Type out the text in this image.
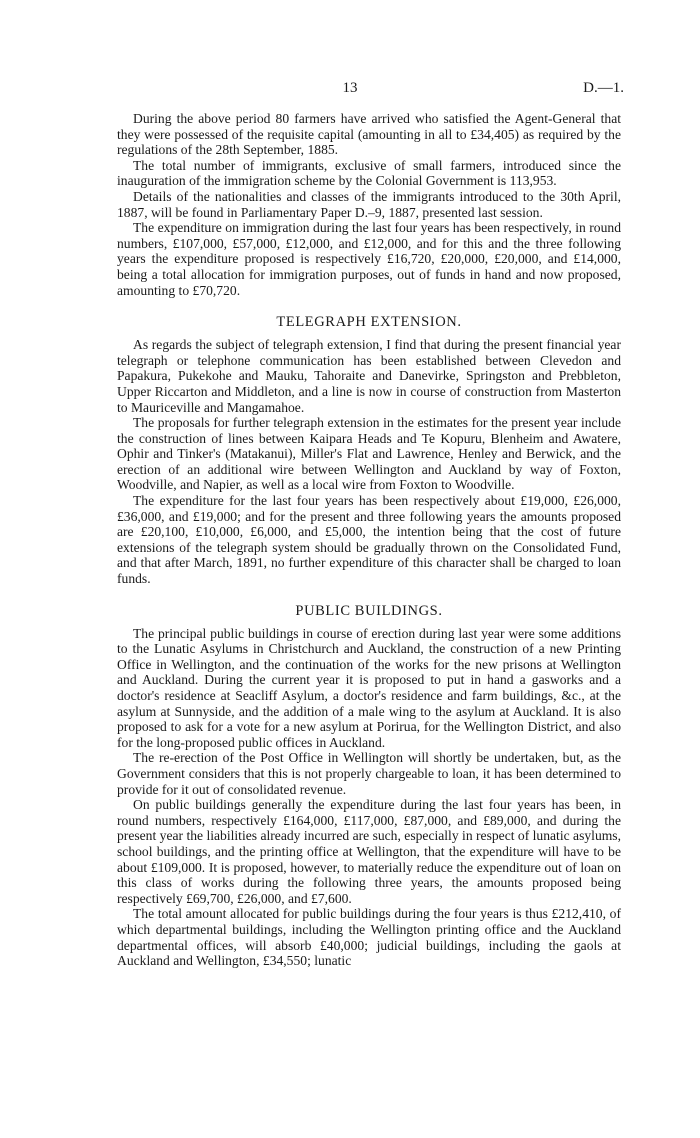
13	D.—1.

During the above period 80 farmers have arrived who satisfied the Agent-General that they were possessed of the requisite capital (amounting in all to £34,405) as required by the regulations of the 28th September, 1885.

The total number of immigrants, exclusive of small farmers, introduced since the inauguration of the immigration scheme by the Colonial Government is 113,953.

Details of the nationalities and classes of the immigrants introduced to the 30th April, 1887, will be found in Parliamentary Paper D.–9, 1887, presented last session.

The expenditure on immigration during the last four years has been respectively, in round numbers, £107,000, £57,000, £12,000, and £12,000, and for this and the three following years the expenditure proposed is respectively £16,720, £20,000, £20,000, and £14,000, being a total allocation for immigration purposes, out of funds in hand and now proposed, amounting to £70,720.

TELEGRAPH EXTENSION.

As regards the subject of telegraph extension, I find that during the present financial year telegraph or telephone communication has been established between Clevedon and Papakura, Pukekohe and Mauku, Tahoraite and Danevirke, Springston and Prebbleton, Upper Riccarton and Middleton, and a line is now in course of construction from Masterton to Mauriceville and Mangamahoe.

The proposals for further telegraph extension in the estimates for the present year include the construction of lines between Kaipara Heads and Te Kopuru, Blenheim and Awatere, Ophir and Tinker's (Matakanui), Miller's Flat and Lawrence, Henley and Berwick, and the erection of an additional wire between Wellington and Auckland by way of Foxton, Woodville, and Napier, as well as a local wire from Foxton to Woodville.

The expenditure for the last four years has been respectively about £19,000, £26,000, £36,000, and £19,000; and for the present and three following years the amounts proposed are £20,100, £10,000, £6,000, and £5,000, the intention being that the cost of future extensions of the telegraph system should be gradually thrown on the Consolidated Fund, and that after March, 1891, no further expenditure of this character shall be charged to loan funds.

PUBLIC BUILDINGS.

The principal public buildings in course of erection during last year were some additions to the Lunatic Asylums in Christchurch and Auckland, the construction of a new Printing Office in Wellington, and the continuation of the works for the new prisons at Wellington and Auckland. During the current year it is proposed to put in hand a gasworks and a doctor's residence at Seacliff Asylum, a doctor's residence and farm buildings, &c., at the asylum at Sunnyside, and the addition of a male wing to the asylum at Auckland. It is also proposed to ask for a vote for a new asylum at Porirua, for the Wellington District, and also for the long-proposed public offices in Auckland.

The re-erection of the Post Office in Wellington will shortly be undertaken, but, as the Government considers that this is not properly chargeable to loan, it has been determined to provide for it out of consolidated revenue.

On public buildings generally the expenditure during the last four years has been, in round numbers, respectively £164,000, £117,000, £87,000, and £89,000, and during the present year the liabilities already incurred are such, especially in respect of lunatic asylums, school buildings, and the printing office at Wellington, that the expenditure will have to be about £109,000. It is proposed, however, to materially reduce the expenditure out of loan on this class of works during the following three years, the amounts proposed being respectively £69,700, £26,000, and £7,600.

The total amount allocated for public buildings during the four years is thus £212,410, of which departmental buildings, including the Wellington printing office and the Auckland departmental offices, will absorb £40,000; judicial buildings, including the gaols at Auckland and Wellington, £34,550; lunatic
